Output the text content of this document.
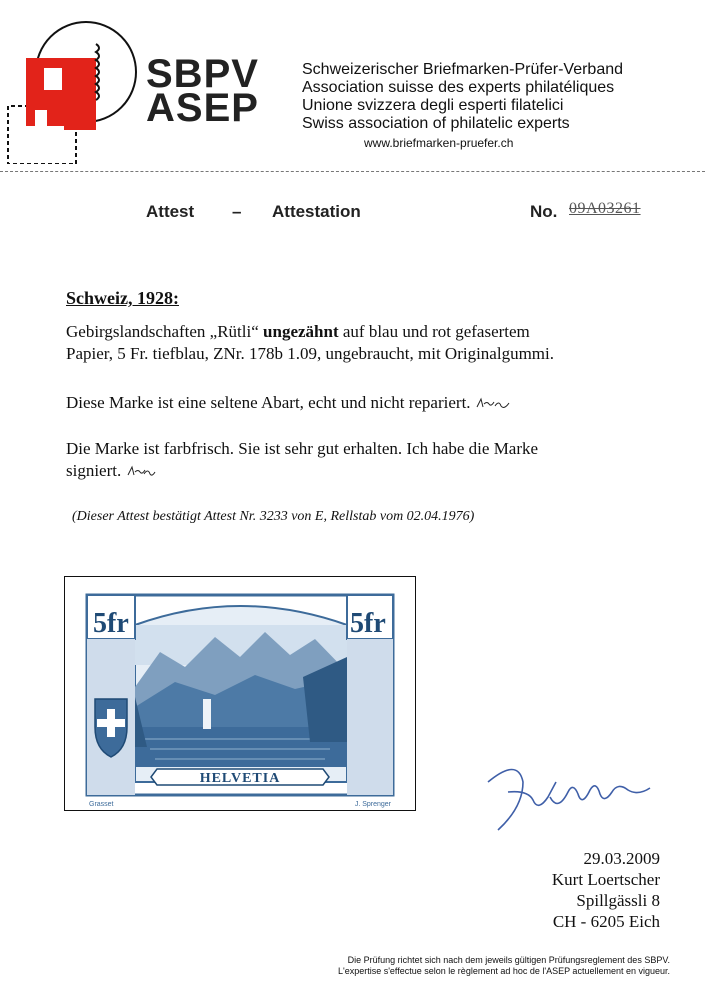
SBPV
ASEP
Schweizerischer Briefmarken-Prüfer-Verband
Association suisse des experts philatéliques
Unione svizzera degli esperti filatelici
Swiss association of philatelic experts
www.briefmarken-pruefer.ch
Attest – Attestation	No. 09A03261
Schweiz, 1928:
Gebirgslandschaften „Rütli“ ungezähnt auf blau und rot gefasertem
Papier, 5 Fr. tiefblau, ZNr. 178b 1.09, ungebraucht, mit Originalgummi.
Diese Marke ist eine seltene Abart, echt und nicht repariert.
Die Marke ist farbfrisch. Sie ist sehr gut erhalten. Ich habe die Marke
signiert.
(Dieser Attest bestätigt Attest Nr. 3233 von E, Rellstab vom 02.04.1976)
5fr	5fr
HELVETIA
Grasset	J. Sprenger
29.03.2009
Kurt Loertscher
Spillgässli 8
CH - 6205 Eich
Die Prüfung richtet sich nach dem jeweils gültigen Prüfungsreglement des SBPV.
L'expertise s'effectue selon le règlement ad hoc de l'ASEP actuellement en vigueur.
